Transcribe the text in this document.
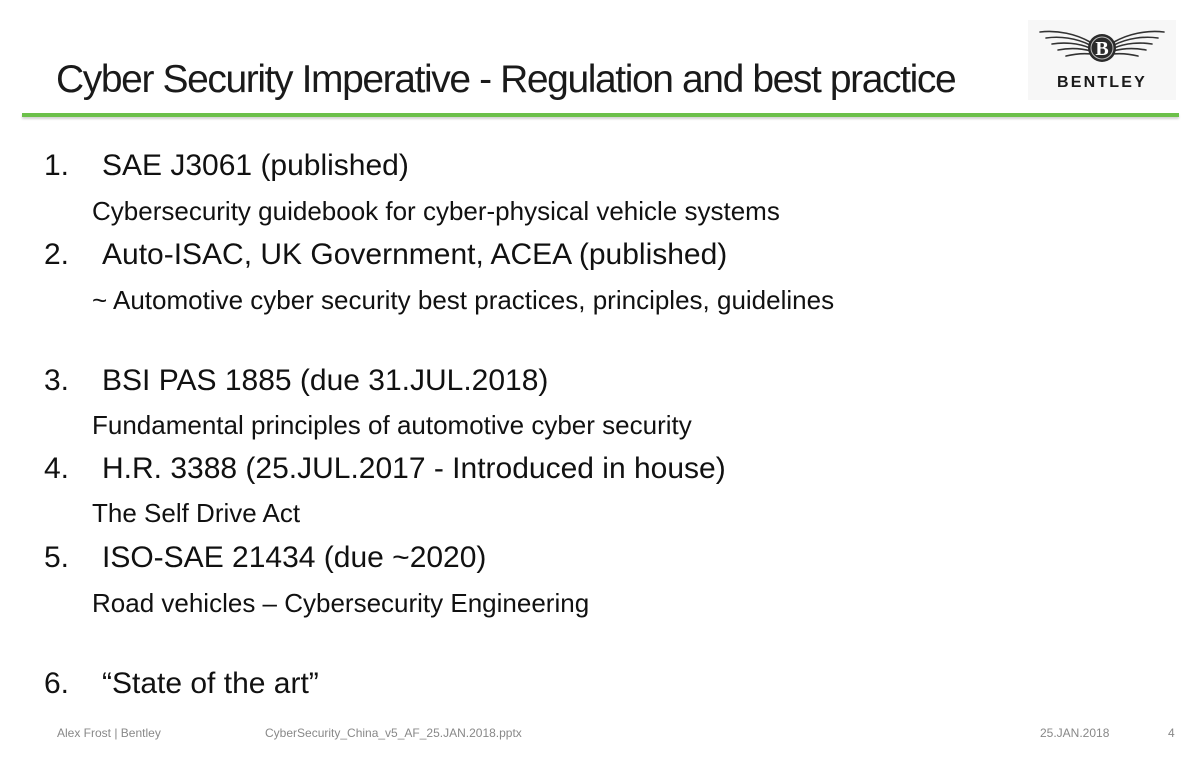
Cyber Security Imperative - Regulation and best practice
B
BENTLEY
1. SAE J3061 (published)
Cybersecurity guidebook for cyber-physical vehicle systems
2. Auto-ISAC, UK Government, ACEA (published)
~ Automotive cyber security best practices, principles, guidelines
3. BSI PAS 1885 (due 31.JUL.2018)
Fundamental principles of automotive cyber security
4. H.R. 3388 (25.JUL.2017 - Introduced in house)
The Self Drive Act
5. ISO-SAE 21434 (due ~2020)
Road vehicles – Cybersecurity Engineering
6. “State of the art”
Alex Frost | Bentley	CyberSecurity_China_v5_AF_25.JAN.2018.pptx	25.JAN.2018	4
